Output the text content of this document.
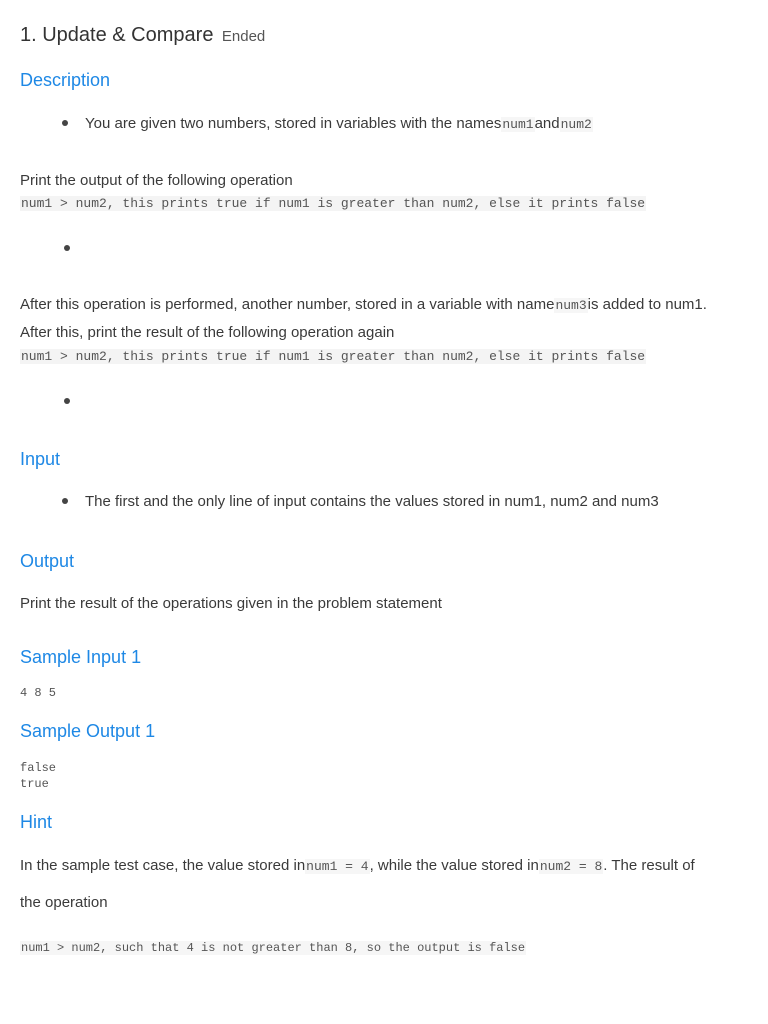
1. Update & Compare Ended
Description
You are given two numbers, stored in variables with the namesnum1andnum2
Print the output of the following operation
num1 > num2, this prints true if num1 is greater than num2, else it prints false
After this operation is performed, another number, stored in a variable with namenum3is added to num1.
After this, print the result of the following operation again
num1 > num2, this prints true if num1 is greater than num2, else it prints false
Input
The first and the only line of input contains the values stored in num1, num2 and num3
Output
Print the result of the operations given in the problem statement
Sample Input 1
4 8 5
Sample Output 1
false
true
Hint
In the sample test case, the value stored innum1 = 4, while the value stored innum2 = 8. The result of
the operation
num1 > num2, such that 4 is not greater than 8, so the output is false
